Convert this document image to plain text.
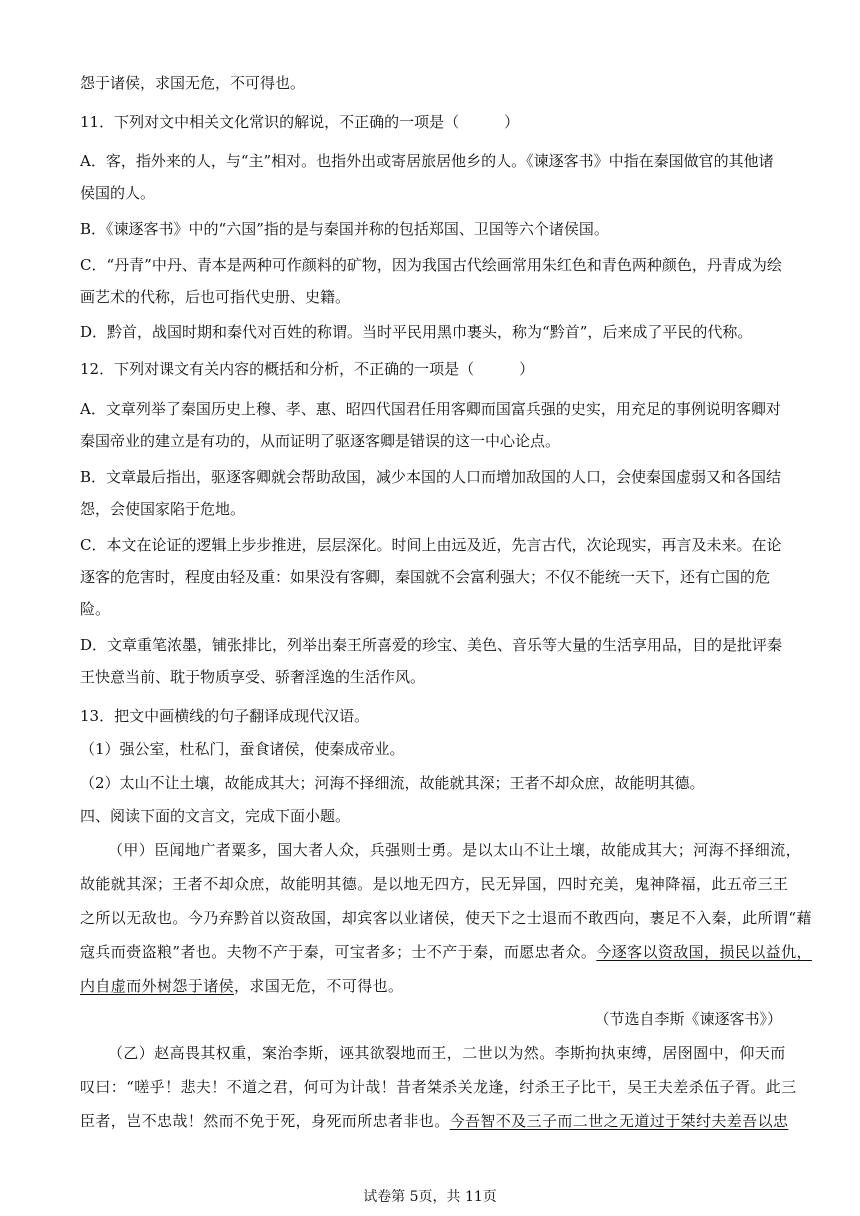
怨于诸侯，求国无危，不可得也。
11．下列对文中相关文化常识的解说，不正确的一项是（　　　）
A．客，指外来的人，与“主”相对。也指外出或寄居旅居他乡的人。《谏逐客书》中指在秦国做官的其他诸
侯国的人。
B．《谏逐客书》中的“六国”指的是与秦国并称的包括郑国、卫国等六个诸侯国。
C．“丹青”中丹、青本是两种可作颜料的矿物，因为我国古代绘画常用朱红色和青色两种颜色，丹青成为绘
画艺术的代称，后也可指代史册、史籍。
D．黔首，战国时期和秦代对百姓的称谓。当时平民用黑巾裹头，称为“黔首”，后来成了平民的代称。
12．下列对课文有关内容的概括和分析，不正确的一项是（　　　）
A．文章列举了秦国历史上穆、孝、惠、昭四代国君任用客卿而国富兵强的史实，用充足的事例说明客卿对
秦国帝业的建立是有功的，从而证明了驱逐客卿是错误的这一中心论点。
B．文章最后指出，驱逐客卿就会帮助敌国，减少本国的人口而增加敌国的人口，会使秦国虚弱又和各国结
怨，会使国家陷于危地。
C．本文在论证的逻辑上步步推进，层层深化。时间上由远及近，先言古代，次论现实，再言及未来。在论
逐客的危害时，程度由轻及重：如果没有客卿，秦国就不会富利强大；不仅不能统一天下，还有亡国的危
险。
D．文章重笔浓墨，铺张排比，列举出秦王所喜爱的珍宝、美色、音乐等大量的生活享用品，目的是批评秦
王快意当前、耽于物质享受、骄奢淫逸的生活作风。
13．把文中画横线的句子翻译成现代汉语。
（1）强公室，杜私门，蚕食诸侯，使秦成帝业。
（2）太山不让土壤，故能成其大；河海不择细流，故能就其深；王者不却众庶，故能明其德。
四、阅读下面的文言文，完成下面小题。
（甲）臣闻地广者粟多，国大者人众，兵强则士勇。是以太山不让土壤，故能成其大；河海不择细流，
故能就其深；王者不却众庶，故能明其德。是以地无四方，民无异国，四时充美，鬼神降福，此五帝三王
之所以无敌也。今乃弃黔首以资敌国，却宾客以业诸侯，使天下之士退而不敢西向，裹足不入秦，此所谓“藉
寇兵而赍盗粮”者也。夫物不产于秦，可宝者多；士不产于秦，而愿忠者众。今逐客以资敌国，损民以益仇，
内自虚而外树怨于诸侯，求国无危，不可得也。
（节选自李斯《谏逐客书》）
（乙）赵高畏其权重，案治李斯，诬其欲裂地而王，二世以为然。李斯拘执束缚，居囹圄中，仰天而
叹曰：“嗟乎！悲夫！不道之君，何可为计哉！昔者桀杀关龙逢，纣杀王子比干，吴王夫差杀伍子胥。此三
臣者，岂不忠哉！然而不免于死，身死而所忠者非也。今吾智不及三子而二世之无道过于桀纣夫差吾以忠
试卷第 5页，共 11页
